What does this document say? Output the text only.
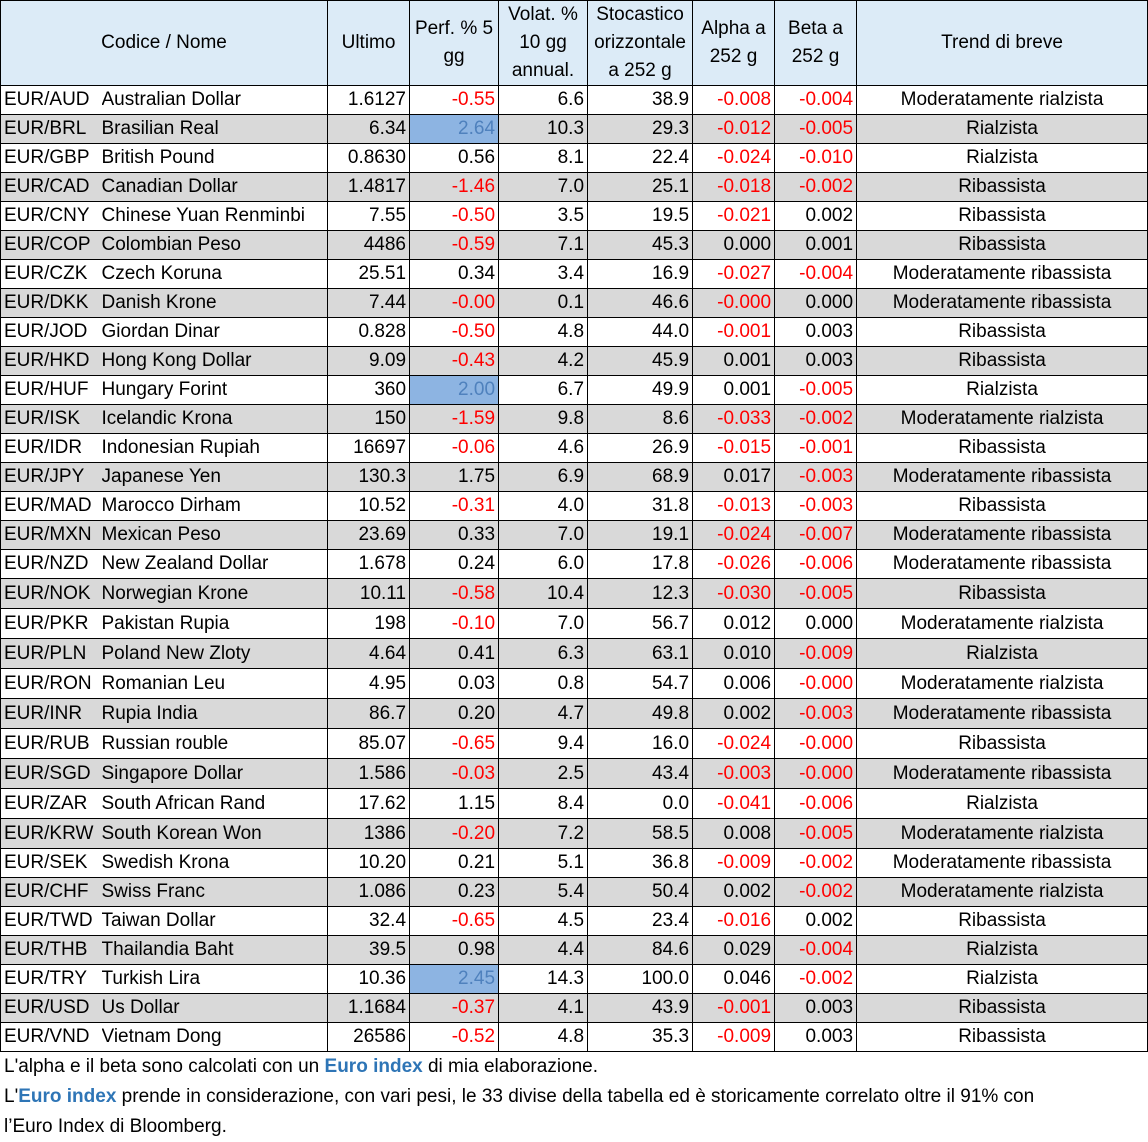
Codice / Nome		Ultimo	Perf. % 5 gg	Volat. % 10 gg annual.	Stocastico orizzontale a 252 g	Alpha a 252 g	Beta a 252 g	Trend di breve
EUR/AUD	Australian Dollar	1.6127	-0.55	6.6	38.9	-0.008	-0.004	Moderatamente rialzista
EUR/BRL	Brasilian Real	6.34	2.64	10.3	29.3	-0.012	-0.005	Rialzista
EUR/GBP	British Pound	0.8630	0.56	8.1	22.4	-0.024	-0.010	Rialzista
EUR/CAD	Canadian Dollar	1.4817	-1.46	7.0	25.1	-0.018	-0.002	Ribassista
EUR/CNY	Chinese Yuan Renminbi	7.55	-0.50	3.5	19.5	-0.021	0.002	Ribassista
EUR/COP	Colombian Peso	4486	-0.59	7.1	45.3	0.000	0.001	Ribassista
EUR/CZK	Czech Koruna	25.51	0.34	3.4	16.9	-0.027	-0.004	Moderatamente ribassista
EUR/DKK	Danish Krone	7.44	-0.00	0.1	46.6	-0.000	0.000	Moderatamente ribassista
EUR/JOD	Giordan Dinar	0.828	-0.50	4.8	44.0	-0.001	0.003	Ribassista
EUR/HKD	Hong Kong Dollar	9.09	-0.43	4.2	45.9	0.001	0.003	Ribassista
EUR/HUF	Hungary Forint	360	2.00	6.7	49.9	0.001	-0.005	Rialzista
EUR/ISK	Icelandic Krona	150	-1.59	9.8	8.6	-0.033	-0.002	Moderatamente rialzista
EUR/IDR	Indonesian Rupiah	16697	-0.06	4.6	26.9	-0.015	-0.001	Ribassista
EUR/JPY	Japanese Yen	130.3	1.75	6.9	68.9	0.017	-0.003	Moderatamente ribassista
EUR/MAD	Marocco Dirham	10.52	-0.31	4.0	31.8	-0.013	-0.003	Ribassista
EUR/MXN	Mexican Peso	23.69	0.33	7.0	19.1	-0.024	-0.007	Moderatamente ribassista
EUR/NZD	New Zealand Dollar	1.678	0.24	6.0	17.8	-0.026	-0.006	Moderatamente ribassista
EUR/NOK	Norwegian Krone	10.11	-0.58	10.4	12.3	-0.030	-0.005	Ribassista
EUR/PKR	Pakistan Rupia	198	-0.10	7.0	56.7	0.012	0.000	Moderatamente rialzista
EUR/PLN	Poland New Zloty	4.64	0.41	6.3	63.1	0.010	-0.009	Rialzista
EUR/RON	Romanian Leu	4.95	0.03	0.8	54.7	0.006	-0.000	Moderatamente rialzista
EUR/INR	Rupia India	86.7	0.20	4.7	49.8	0.002	-0.003	Moderatamente ribassista
EUR/RUB	Russian rouble	85.07	-0.65	9.4	16.0	-0.024	-0.000	Ribassista
EUR/SGD	Singapore Dollar	1.586	-0.03	2.5	43.4	-0.003	-0.000	Moderatamente ribassista
EUR/ZAR	South African Rand	17.62	1.15	8.4	0.0	-0.041	-0.006	Rialzista
EUR/KRW	South Korean Won	1386	-0.20	7.2	58.5	0.008	-0.005	Moderatamente rialzista
EUR/SEK	Swedish Krona	10.20	0.21	5.1	36.8	-0.009	-0.002	Moderatamente ribassista
EUR/CHF	Swiss Franc	1.086	0.23	5.4	50.4	0.002	-0.002	Moderatamente rialzista
EUR/TWD	Taiwan Dollar	32.4	-0.65	4.5	23.4	-0.016	0.002	Ribassista
EUR/THB	Thailandia Baht	39.5	0.98	4.4	84.6	0.029	-0.004	Rialzista
EUR/TRY	Turkish Lira	10.36	2.45	14.3	100.0	0.046	-0.002	Rialzista
EUR/USD	Us Dollar	1.1684	-0.37	4.1	43.9	-0.001	0.003	Ribassista
EUR/VND	Vietnam Dong	26586	-0.52	4.8	35.3	-0.009	0.003	Ribassista
L'alpha e il beta sono calcolati con un Euro index di mia elaborazione.
L'Euro index prende in considerazione, con vari pesi, le 33 divise della tabella ed è storicamente correlato oltre il 91% con
l’Euro Index di Bloomberg.
